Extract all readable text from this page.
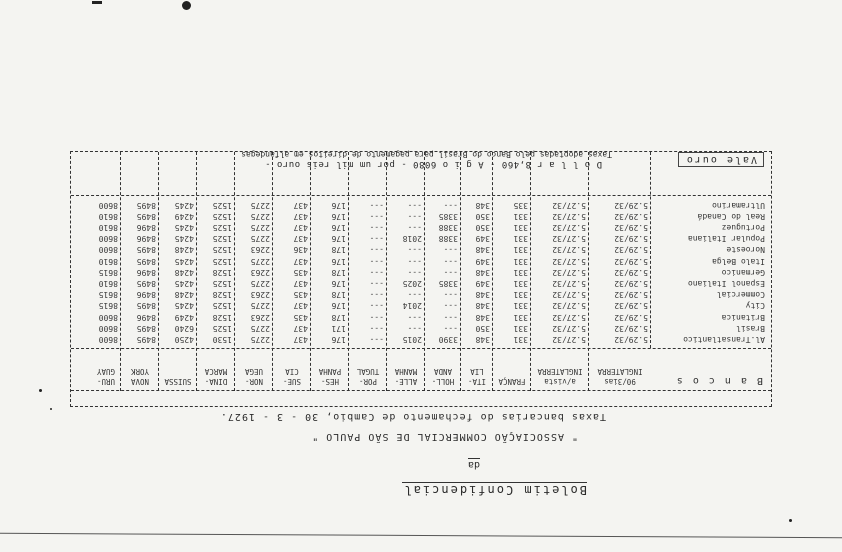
Boletim Confidencial
da
" ASSOCIAÇÃO COMMERCIAL DE SÃO PAULO "
Taxas bancarias do fechamento de Cambio, 30 - 3 - 1927.
B a n c o s
90/3ias
INGLATERRA
a/vista
INGLATERRA
FRANÇA
ITA-
LIA
HOLL-
ANDA
ALLE-
MANHA
POR-
TUGAL
HES-
PANHA
SUE-
CIA
NOR-
UEGA
DINA-
MARCA
SUISSA
NOVA
YORK
URU-
GUAY
Al.Transatlantico
5.29/32
5.27/32
331
348
3390
2015
---
176
437
2275
1530
4250
8495
8600
Brasil
5.29/32
5.27/32
331
350
---
---
---
171
437
2275
1525
6240
8495
8600
Britanica
5.29/32
5.27/32
331
348
---
---
---
178
435
2263
1528
4249
8496
8600
City
5.29/32
5.27/32
331
348
---
2014
---
176
437
2275
1525
4245
8495
8615
Commercial
5.29/32
5.27/32
331
348
---
---
---
178
435
2263
1528
4248
8496
8615
Espanol Italiano
5.29/32
5.27/32
331
349
3385
2025
---
176
437
2275
1525
4245
8495
8610
Germanico
5.29/32
5.27/32
331
348
---
---
---
178
435
2263
1528
4248
8496
8615
Italo Belga
5.29/32
5.27/32
331
349
---
---
---
176
437
2275
1525
4245
8495
8610
Noroeste
5.29/32
5.27/32
331
348
---
---
---
178
436
2263
1525
4248
8495
8600
Popular Italiana
5.29/32
5.27/32
331
349
3388
2018
---
176
437
2275
1525
4245
8496
8600
Portuguez
5.29/32
5.27/32
331
350
3388
---
---
176
437
2275
1525
4245
8496
8610
Real do Canadá
5.29/32
5.27/32
331
350
3385
---
---
176
437
2275
1525
4249
8495
8610
Ultramarino
5.29/32
5.27/32
335
348
---
---
---
176
437
2275
1525
4245
8495
8600
Vale ouro
D o l l a r 8,460 - A g i o 6080 - por um mil reis ouro -
Taxas adoptadas pelo Banco do Brasil para pagamento de direitos em alfandegas
